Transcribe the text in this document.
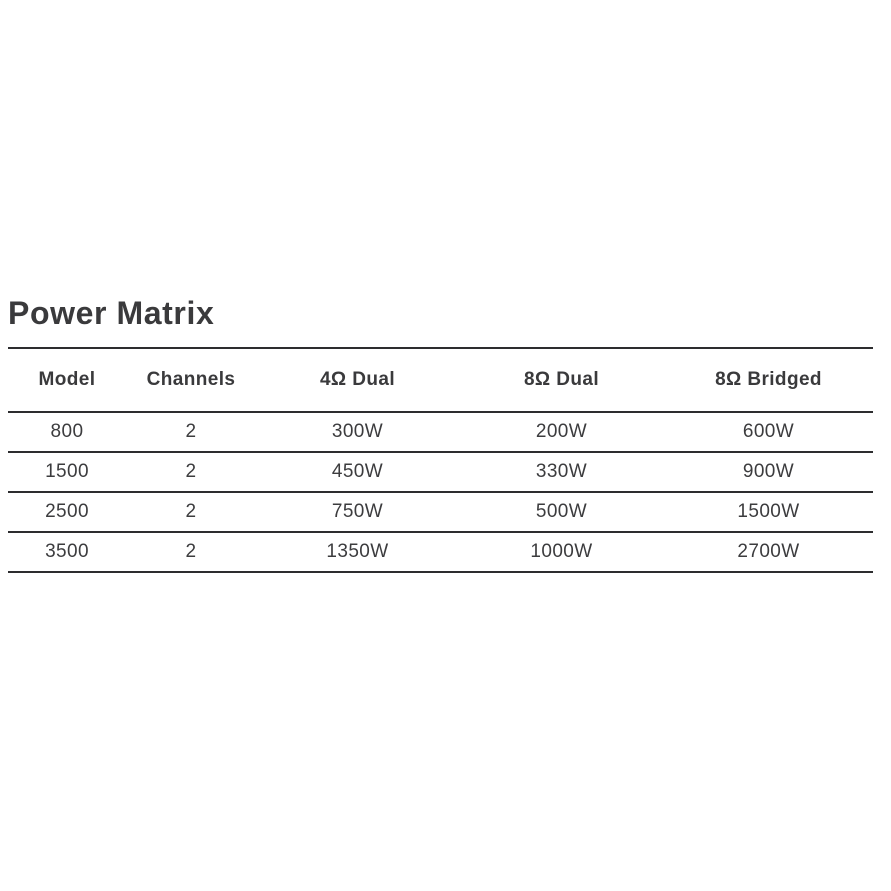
Power Matrix
Model	Channels	4Ω Dual	8Ω Dual	8Ω Bridged
800	2	300W	200W	600W
1500	2	450W	330W	900W
2500	2	750W	500W	1500W
3500	2	1350W	1000W	2700W
